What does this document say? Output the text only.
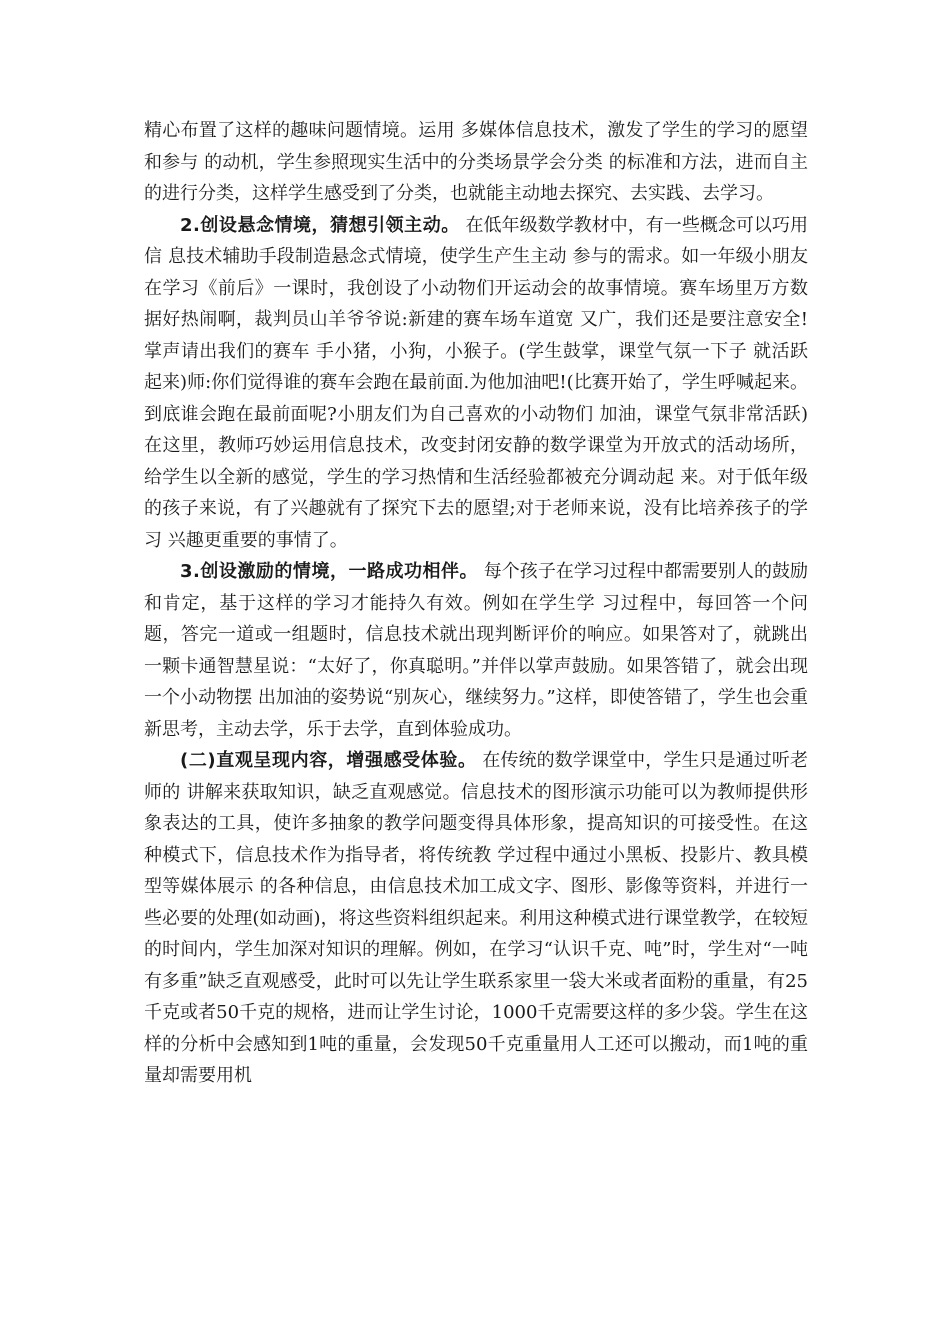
精心布置了这样的趣味问题情境。运用 多媒体信息技术，激发了学生的学习的愿望和参与 的动机，学生参照现实生活中的分类场景学会分类 的标准和方法，进而自主的进行分类，这样学生感受到了分类，也就能主动地去探究、去实践、去学习。

2.创设悬念情境，猜想引领主动。 在低年级数学教材中，有一些概念可以巧用信 息技术辅助手段制造悬念式情境，使学生产生主动 参与的需求。如一年级小朋友在学习《前后》一课时，我创设了小动物们开运动会的故事情境。赛车场里万方数据好热闹啊，裁判员山羊爷爷说:新建的赛车场车道宽 又广，我们还是要注意安全!掌声请出我们的赛车 手小猪，小狗，小猴子。(学生鼓掌，课堂气氛一下子 就活跃起来)师:你们觉得谁的赛车会跑在最前面.为他加油吧!(比赛开始了，学生呼喊起来。到底谁会跑在最前面呢?小朋友们为自己喜欢的小动物们 加油，课堂气氛非常活跃) 在这里，教师巧妙运用信息技术，改变封闭安静的数学课堂为开放式的活动场所，给学生以全新的感觉，学生的学习热情和生活经验都被充分调动起 来。对于低年级的孩子来说，有了兴趣就有了探究下去的愿望;对于老师来说，没有比培养孩子的学习 兴趣更重要的事情了。

3.创设激励的情境，一路成功相伴。 每个孩子在学习过程中都需要别人的鼓励和肯定，基于这样的学习才能持久有效。例如在学生学 习过程中，每回答一个问题，答完一道或一组题时，信息技术就出现判断评价的响应。如果答对了，就跳出一颗卡通智慧星说：“太好了，你真聪明。”并伴以掌声鼓励。如果答错了，就会出现一个小动物摆 出加油的姿势说“别灰心，继续努力。”这样，即使答错了，学生也会重新思考，主动去学，乐于去学，直到体验成功。

(二)直观呈现内容，增强感受体验。 在传统的数学课堂中，学生只是通过听老师的 讲解来获取知识，缺乏直观感觉。信息技术的图形演示功能可以为教师提供形象表达的工具，使许多抽象的教学问题变得具体形象，提高知识的可接受性。在这种模式下，信息技术作为指导者，将传统教 学过程中通过小黑板、投影片、教具模型等媒体展示 的各种信息，由信息技术加工成文字、图形、影像等资料，并进行一些必要的处理(如动画)，将这些资料组织起来。利用这种模式进行课堂教学，在较短的时间内，学生加深对知识的理解。例如，在学习“认识千克、吨”时，学生对“一吨有多重”缺乏直观感受，此时可以先让学生联系家里一袋大米或者面粉的重量，有25千克或者50千克的规格，进而让学生讨论，1000千克需要这样的多少袋。学生在这样的分析中会感知到1吨的重量，会发现50千克重量用人工还可以搬动，而1吨的重量却需要用机
